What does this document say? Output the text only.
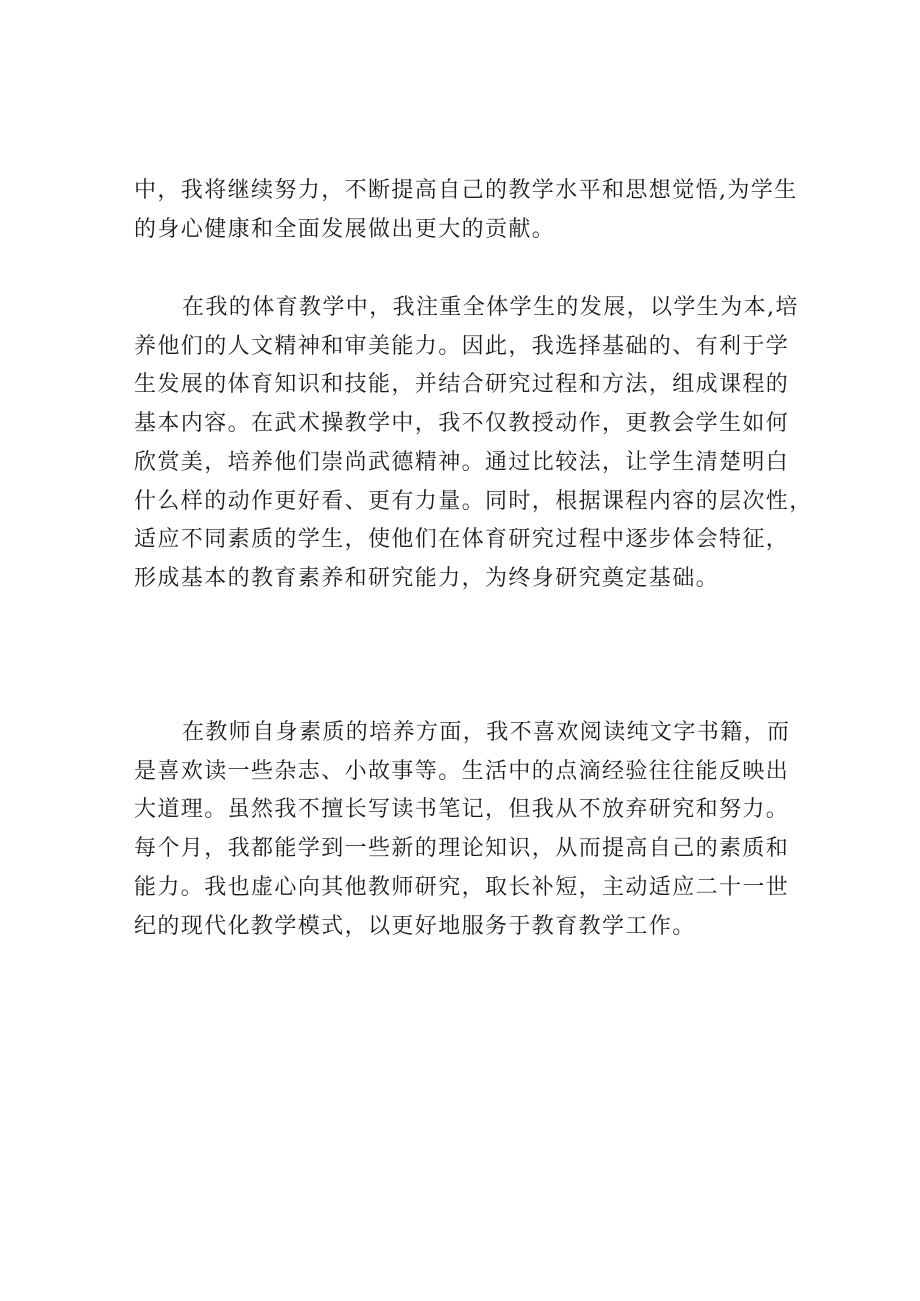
中，我将继续努力，不断提高自己的教学水平和思想觉悟,为学生
的身心健康和全面发展做出更大的贡献。

在我的体育教学中，我注重全体学生的发展，以学生为本,培
养他们的人文精神和审美能力。因此，我选择基础的、有利于学
生发展的体育知识和技能，并结合研究过程和方法，组成课程的
基本内容。在武术操教学中，我不仅教授动作，更教会学生如何
欣赏美，培养他们崇尚武德精神。通过比较法，让学生清楚明白
什么样的动作更好看、更有力量。同时，根据课程内容的层次性，
适应不同素质的学生，使他们在体育研究过程中逐步体会特征，
形成基本的教育素养和研究能力，为终身研究奠定基础。

在教师自身素质的培养方面，我不喜欢阅读纯文字书籍，而
是喜欢读一些杂志、小故事等。生活中的点滴经验往往能反映出
大道理。虽然我不擅长写读书笔记，但我从不放弃研究和努力。
每个月，我都能学到一些新的理论知识，从而提高自己的素质和
能力。我也虚心向其他教师研究，取长补短，主动适应二十一世
纪的现代化教学模式，以更好地服务于教育教学工作。
